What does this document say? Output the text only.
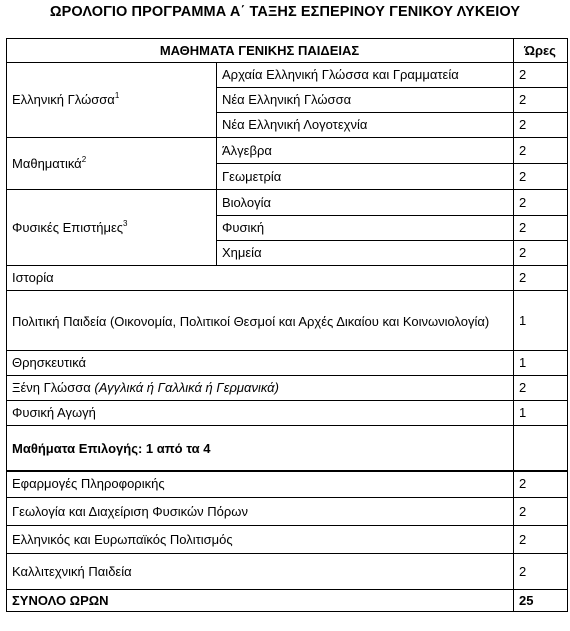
ΩΡΟΛΟΓΙΟ ΠΡΟΓΡΑΜΜΑ Α΄ ΤΑΞΗΣ ΕΣΠΕΡΙΝΟΥ ΓΕΝΙΚΟΥ ΛΥΚΕΙΟΥ
ΜΑΘΗΜΑΤΑ ΓΕΝΙΚΗΣ ΠΑΙΔΕΙΑΣ		Ώρες
Ελληνική Γλώσσα$^1$	Αρχαία Ελληνική Γλώσσα και Γραμματεία	2
	Νέα Ελληνική Γλώσσα	2
	Νέα Ελληνική Λογοτεχνία	2
Μαθηματικά$^2$	Άλγεβρα	2
	Γεωμετρία	2
Φυσικές Επιστήμες$^3$	Βιολογία	2
	Φυσική	2
	Χημεία	2
Ιστορία		2
Πολιτική Παιδεία (Οικονομία, Πολιτικοί Θεσμοί και Αρχές Δικαίου και Κοινωνιολογία)		1
Θρησκευτικά		1
Ξένη Γλώσσα (Αγγλικά ή Γαλλικά ή Γερμανικά)		2
Φυσική Αγωγή		1
Μαθήματα Επιλογής: 1 από τα 4		
Εφαρμογές Πληροφορικής		2
Γεωλογία και Διαχείριση Φυσικών Πόρων		2
Ελληνικός και Ευρωπαϊκός Πολιτισμός		2
Καλλιτεχνική Παιδεία		2
ΣΥΝΟΛΟ ΩΡΩΝ		25
